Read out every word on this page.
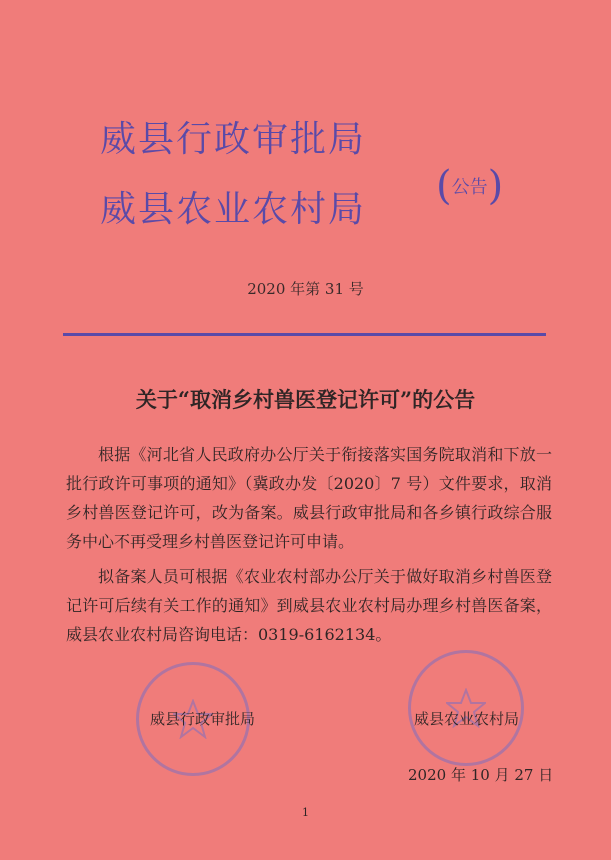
威县行政审批局
威县农业农村局
( 公告 )
2020 年第 31 号
关于“取消乡村兽医登记许可”的公告

根据《河北省人民政府办公厅关于衔接落实国务院取消和下放一批行政许可事项的通知》（冀政办发〔2020〕7 号）文件要求，取消乡村兽医登记许可，改为备案。威县行政审批局和各乡镇行政综合服务中心不再受理乡村兽医登记许可申请。

拟备案人员可根据《农业农村部办公厅关于做好取消乡村兽医登记许可后续有关工作的通知》到威县农业农村局办理乡村兽医备案，威县农业农村局咨询电话：0319-6162134。

威县行政审批局	威县农业农村局
2020 年 10 月 27 日
1
